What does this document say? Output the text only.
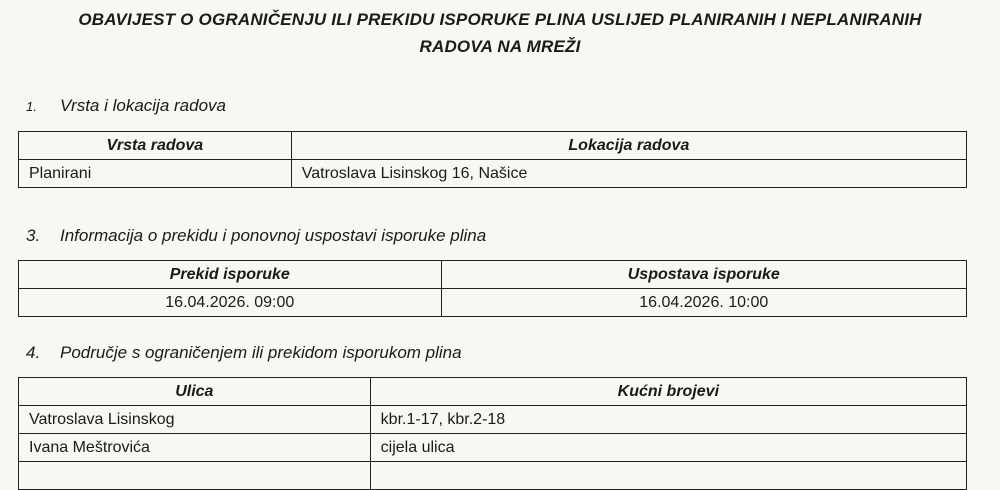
OBAVIJEST O OGRANIČENJU ILI PREKIDU ISPORUKE PLINA USLIJED PLANIRANIH I NEPLANIRANIH
RADOVA NA MREŽI
1. Vrsta i lokacija radova
Vrsta radova	Lokacija radova
Planirani	Vatroslava Lisinskog 16, Našice
3. Informacija o prekidu i ponovnoj uspostavi isporuke plina
Prekid isporuke	Uspostava isporuke
16.04.2026. 09:00	16.04.2026. 10:00
4. Područje s ograničenjem ili prekidom isporukom plina
Ulica	Kućni brojevi
Vatroslava Lisinskog	kbr.1-17, kbr.2-18
Ivana Meštrovića	cijela ulica
